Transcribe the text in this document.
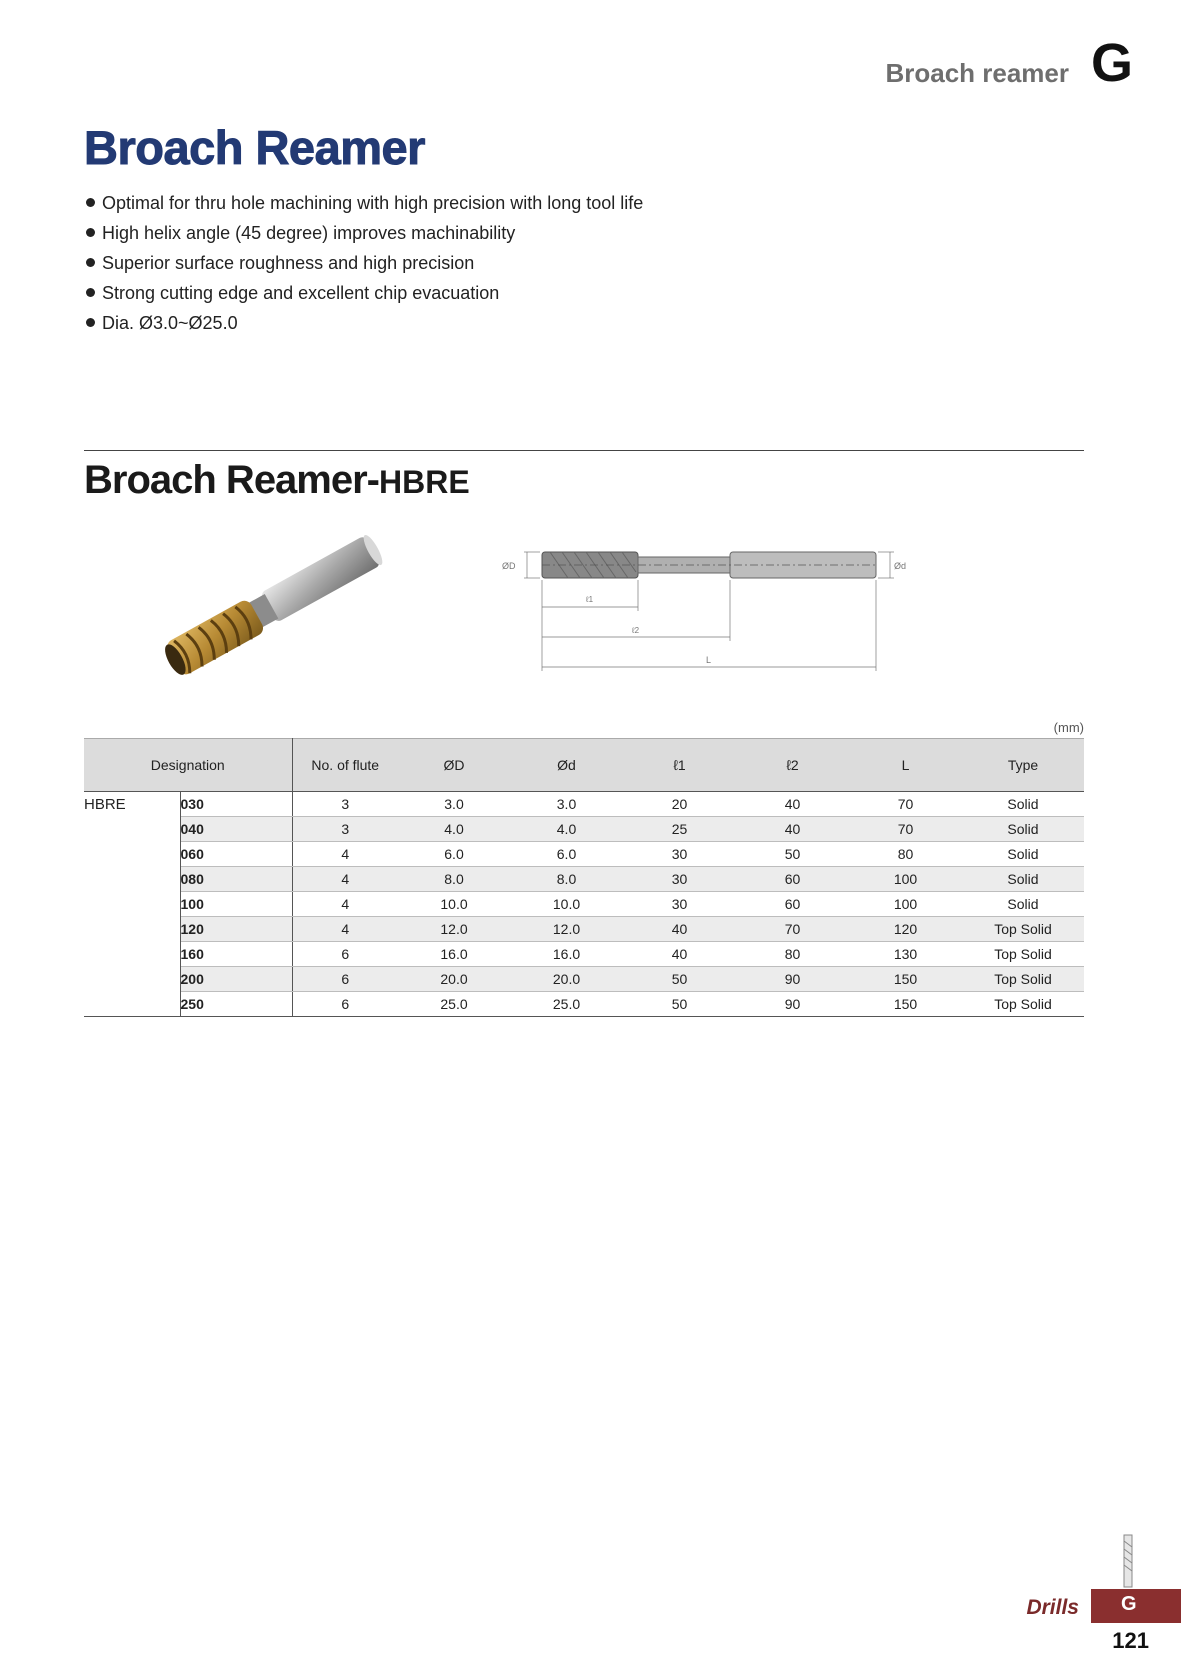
Broach reamer G
Broach Reamer
Optimal for thru hole machining with high precision with long tool life
High helix angle (45 degree) improves machinability
Superior surface roughness and high precision
Strong cutting edge and excellent chip evacuation
Dia. Ø3.0~Ø25.0
Broach Reamer-HBRE
ØD	Ød
ℓ1
ℓ2
L
(mm)
Designation		No. of flute	ØD	Ød	ℓ1	ℓ2	L	Type
HBRE	030	3	3.0	3.0	20	40	70	Solid
	040	3	4.0	4.0	25	40	70	Solid
	060	4	6.0	6.0	30	50	80	Solid
	080	4	8.0	8.0	30	60	100	Solid
	100	4	10.0	10.0	30	60	100	Solid
	120	4	12.0	12.0	40	70	120	Top Solid
	160	6	16.0	16.0	40	80	130	Top Solid
	200	6	20.0	20.0	50	90	150	Top Solid
	250	6	25.0	25.0	50	90	150	Top Solid
Drills	G
121
